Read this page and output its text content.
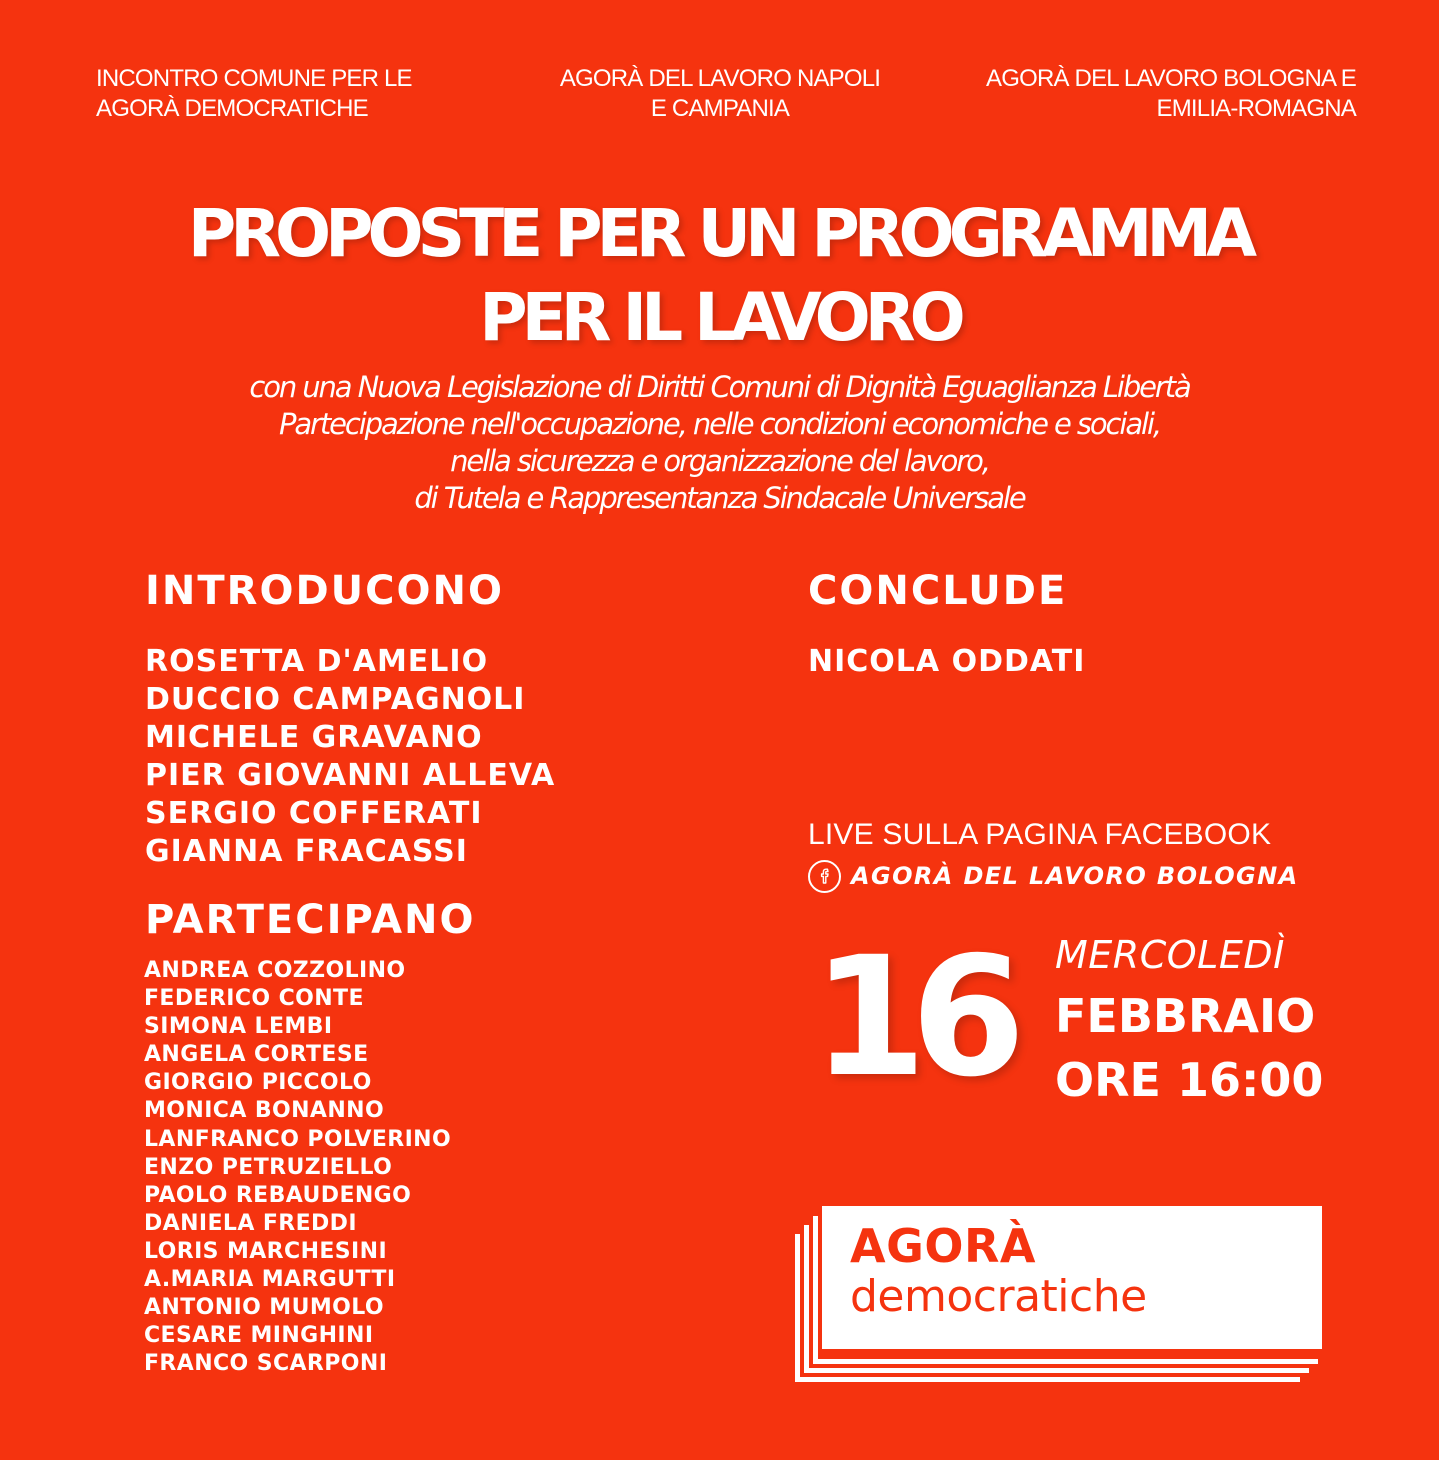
INCONTRO COMUNE PER LE
AGORÀ DEMOCRATICHE
AGORÀ DEL LAVORO NAPOLI
E CAMPANIA
AGORÀ DEL LAVORO BOLOGNA E
EMILIA-ROMAGNA
PROPOSTE PER UN PROGRAMMA
PER IL LAVORO
con una Nuova Legislazione di Diritti Comuni di Dignità Eguaglianza Libertà
Partecipazione nell'occupazione, nelle condizioni economiche e sociali,
nella sicurezza e organizzazione del lavoro,
di Tutela e Rappresentanza Sindacale Universale
INTRODUCONO
ROSETTA D'AMELIO
DUCCIO CAMPAGNOLI
MICHELE GRAVANO
PIER GIOVANNI ALLEVA
SERGIO COFFERATI
GIANNA FRACASSI
PARTECIPANO
ANDREA COZZOLINO
FEDERICO CONTE
SIMONA LEMBI
ANGELA CORTESE
GIORGIO PICCOLO
MONICA BONANNO
LANFRANCO POLVERINO
ENZO PETRUZIELLO
PAOLO REBAUDENGO
DANIELA FREDDI
LORIS MARCHESINI
A.MARIA MARGUTTI
ANTONIO MUMOLO
CESARE MINGHINI
FRANCO SCARPONI
CONCLUDE
NICOLA ODDATI
LIVE SULLA PAGINA FACEBOOK
AGORÀ DEL LAVORO BOLOGNA
16 MERCOLEDÌ
FEBBRAIO
ORE 16:00
AGORÀ
democratiche
